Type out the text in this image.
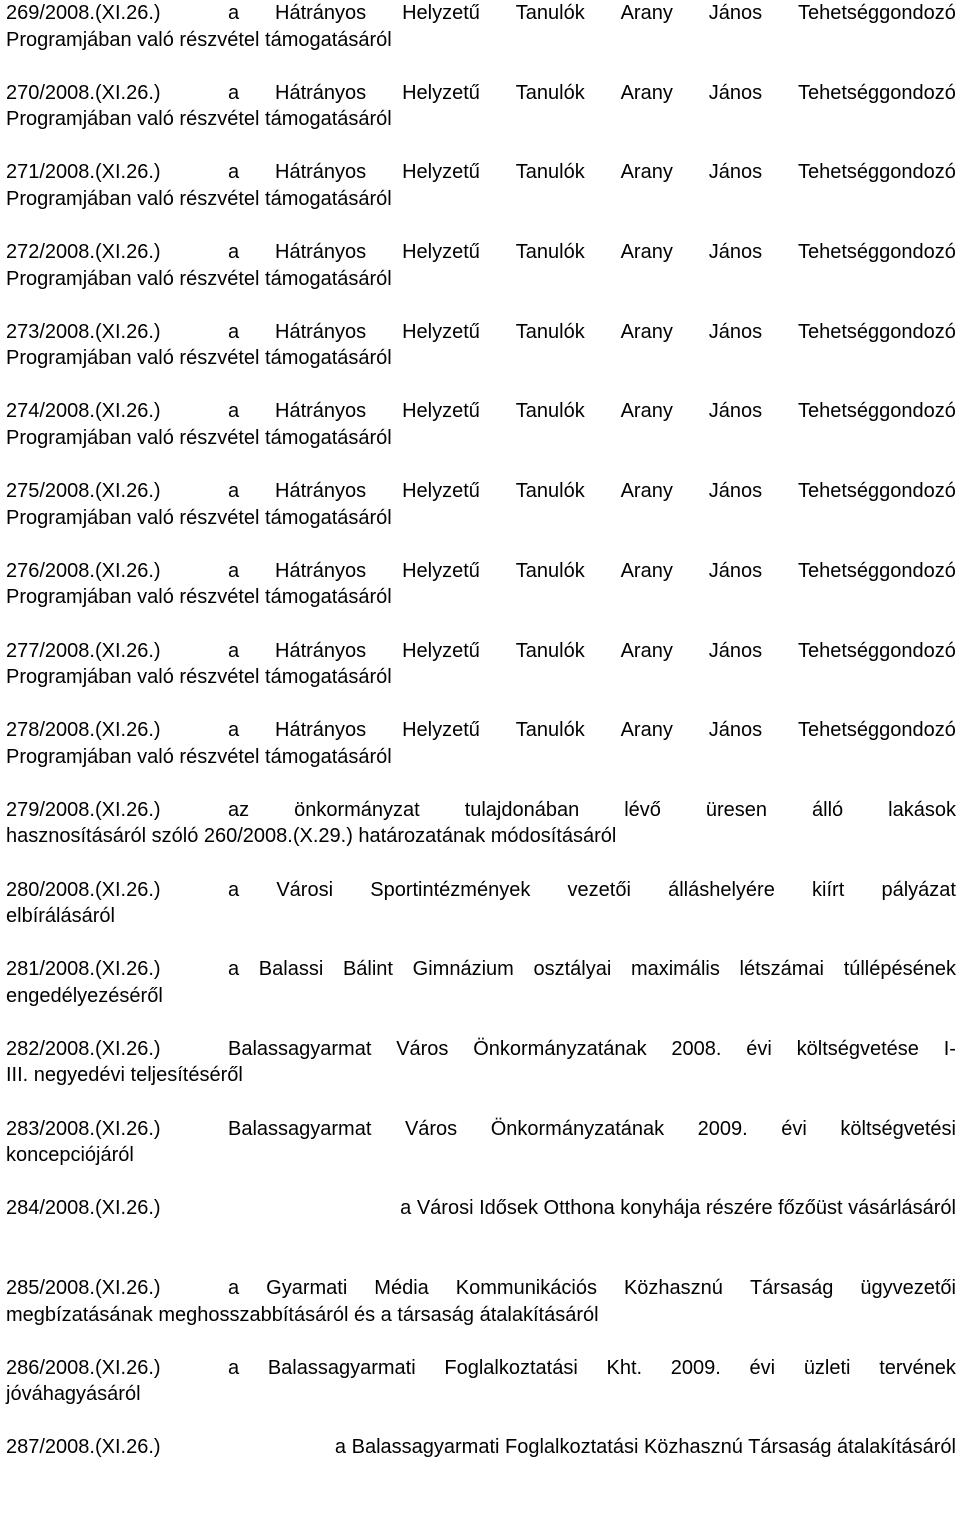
269/2008.(XI.26.)	a Hátrányos Helyzetű Tanulók Arany János Tehetséggondozó
Programjában való részvétel támogatásáról
270/2008.(XI.26.)	a Hátrányos Helyzetű Tanulók Arany János Tehetséggondozó
Programjában való részvétel támogatásáról
271/2008.(XI.26.)	a Hátrányos Helyzetű Tanulók Arany János Tehetséggondozó
Programjában való részvétel támogatásáról
272/2008.(XI.26.)	a Hátrányos Helyzetű Tanulók Arany János Tehetséggondozó
Programjában való részvétel támogatásáról
273/2008.(XI.26.)	a Hátrányos Helyzetű Tanulók Arany János Tehetséggondozó
Programjában való részvétel támogatásáról
274/2008.(XI.26.)	a Hátrányos Helyzetű Tanulók Arany János Tehetséggondozó
Programjában való részvétel támogatásáról
275/2008.(XI.26.)	a Hátrányos Helyzetű Tanulók Arany János Tehetséggondozó
Programjában való részvétel támogatásáról
276/2008.(XI.26.)	a Hátrányos Helyzetű Tanulók Arany János Tehetséggondozó
Programjában való részvétel támogatásáról
277/2008.(XI.26.)	a Hátrányos Helyzetű Tanulók Arany János Tehetséggondozó
Programjában való részvétel támogatásáról
278/2008.(XI.26.)	a Hátrányos Helyzetű Tanulók Arany János Tehetséggondozó
Programjában való részvétel támogatásáról
279/2008.(XI.26.)	az önkormányzat tulajdonában lévő üresen álló lakások
hasznosításáról szóló 260/2008.(X.29.) határozatának módosításáról
280/2008.(XI.26.)	a Városi Sportintézmények vezetői álláshelyére kiírt pályázat
elbírálásáról
281/2008.(XI.26.)	a Balassi Bálint Gimnázium osztályai maximális létszámai túllépésének
engedélyezéséről
282/2008.(XI.26.)	Balassagyarmat Város Önkormányzatának 2008. évi költségvetése I-
III. negyedévi teljesítéséről
283/2008.(XI.26.)	Balassagyarmat Város Önkormányzatának 2009. évi költségvetési
koncepciójáról
284/2008.(XI.26.)	a Városi Idősek Otthona konyhája részére főzőüst vásárlásáról
285/2008.(XI.26.)	a Gyarmati Média Kommunikációs Közhasznú Társaság ügyvezetői
megbízatásának meghosszabbításáról és a társaság átalakításáról
286/2008.(XI.26.)	a Balassagyarmati Foglalkoztatási Kht. 2009. évi üzleti tervének
jóváhagyásáról
287/2008.(XI.26.)	a Balassagyarmati Foglalkoztatási Közhasznú Társaság átalakításáról
